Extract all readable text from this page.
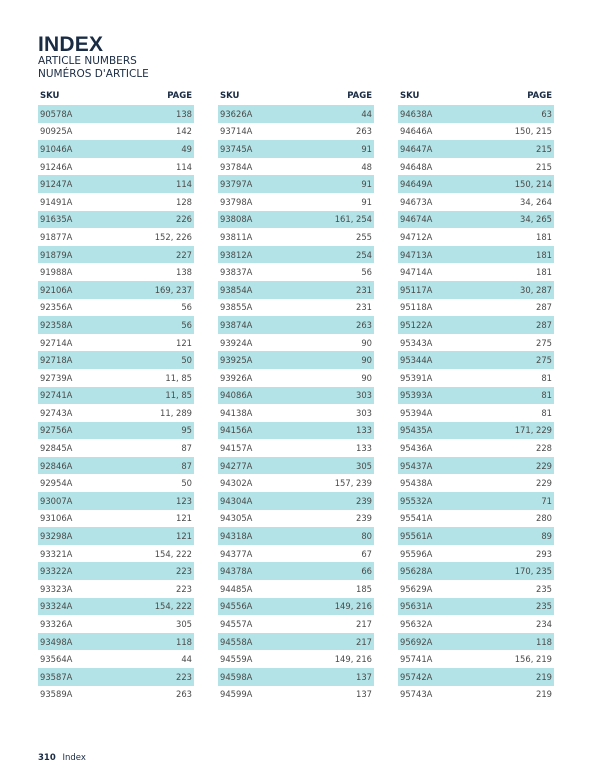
INDEX
ARTICLE NUMBERS
NUMÉROS D'ARTICLE
SKU	PAGE
90578A	138
90925A	142
91046A	49
91246A	114
91247A	114
91491A	128
91635A	226
91877A	152, 226
91879A	227
91988A	138
92106A	169, 237
92356A	56
92358A	56
92714A	121
92718A	50
92739A	11, 85
92741A	11, 85
92743A	11, 289
92756A	95
92845A	87
92846A	87
92954A	50
93007A	123
93106A	121
93298A	121
93321A	154, 222
93322A	223
93323A	223
93324A	154, 222
93326A	305
93498A	118
93564A	44
93587A	223
93589A	263
SKU	PAGE
93626A	44
93714A	263
93745A	91
93784A	48
93797A	91
93798A	91
93808A	161, 254
93811A	255
93812A	254
93837A	56
93854A	231
93855A	231
93874A	263
93924A	90
93925A	90
93926A	90
94086A	303
94138A	303
94156A	133
94157A	133
94277A	305
94302A	157, 239
94304A	239
94305A	239
94318A	80
94377A	67
94378A	66
94485A	185
94556A	149, 216
94557A	217
94558A	217
94559A	149, 216
94598A	137
94599A	137
SKU	PAGE
94638A	63
94646A	150, 215
94647A	215
94648A	215
94649A	150, 214
94673A	34, 264
94674A	34, 265
94712A	181
94713A	181
94714A	181
95117A	30, 287
95118A	287
95122A	287
95343A	275
95344A	275
95391A	81
95393A	81
95394A	81
95435A	171, 229
95436A	228
95437A	229
95438A	229
95532A	71
95541A	280
95561A	89
95596A	293
95628A	170, 235
95629A	235
95631A	235
95632A	234
95692A	118
95741A	156, 219
95742A	219
95743A	219
310 Index
